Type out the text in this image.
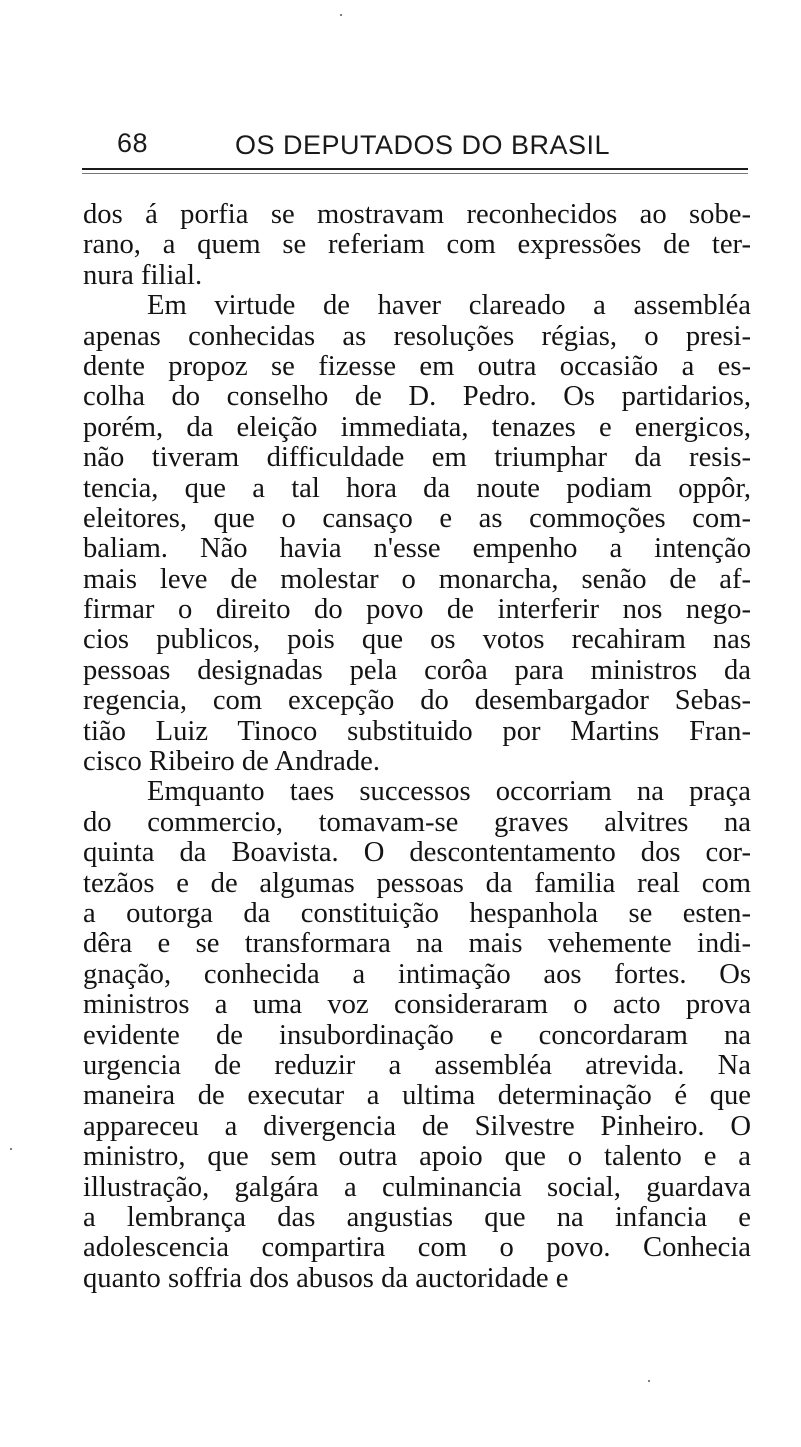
68	OS DEPUTADOS DO BRASIL
dos á porfia se mostravam reconhecidos ao sobe-
rano, a quem se referiam com expressões de ter-
nura filial.
Em virtude de haver clareado a assembléa
apenas conhecidas as resoluções régias, o presi-
dente propoz se fizesse em outra occasião a es-
colha do conselho de D. Pedro. Os partidarios,
porém, da eleição immediata, tenazes e energicos,
não tiveram difficuldade em triumphar da resis-
tencia, que a tal hora da noute podiam oppôr,
eleitores, que o cansaço e as commoções com-
baliam. Não havia n'esse empenho a intenção
mais leve de molestar o monarcha, senão de af-
firmar o direito do povo de interferir nos nego-
cios publicos, pois que os votos recahiram nas
pessoas designadas pela corôa para ministros da
regencia, com excepção do desembargador Sebas-
tião Luiz Tinoco substituido por Martins Fran-
cisco Ribeiro de Andrade.
Emquanto taes successos occorriam na praça
do commercio, tomavam-se graves alvitres na
quinta da Boavista. O descontentamento dos cor-
tezãos e de algumas pessoas da familia real com
a outorga da constituição hespanhola se esten-
dêra e se transformara na mais vehemente indi-
gnação, conhecida a intimação aos fortes. Os
ministros a uma voz consideraram o acto prova
evidente de insubordinação e concordaram na
urgencia de reduzir a assembléa atrevida. Na
maneira de executar a ultima determinação é que
appareceu a divergencia de Silvestre Pinheiro. O
ministro, que sem outra apoio que o talento e a
illustração, galgára a culminancia social, guardava
a lembrança das angustias que na infancia e
adolescencia compartira com o povo. Conhecia
quanto soffria dos abusos da auctoridade e
